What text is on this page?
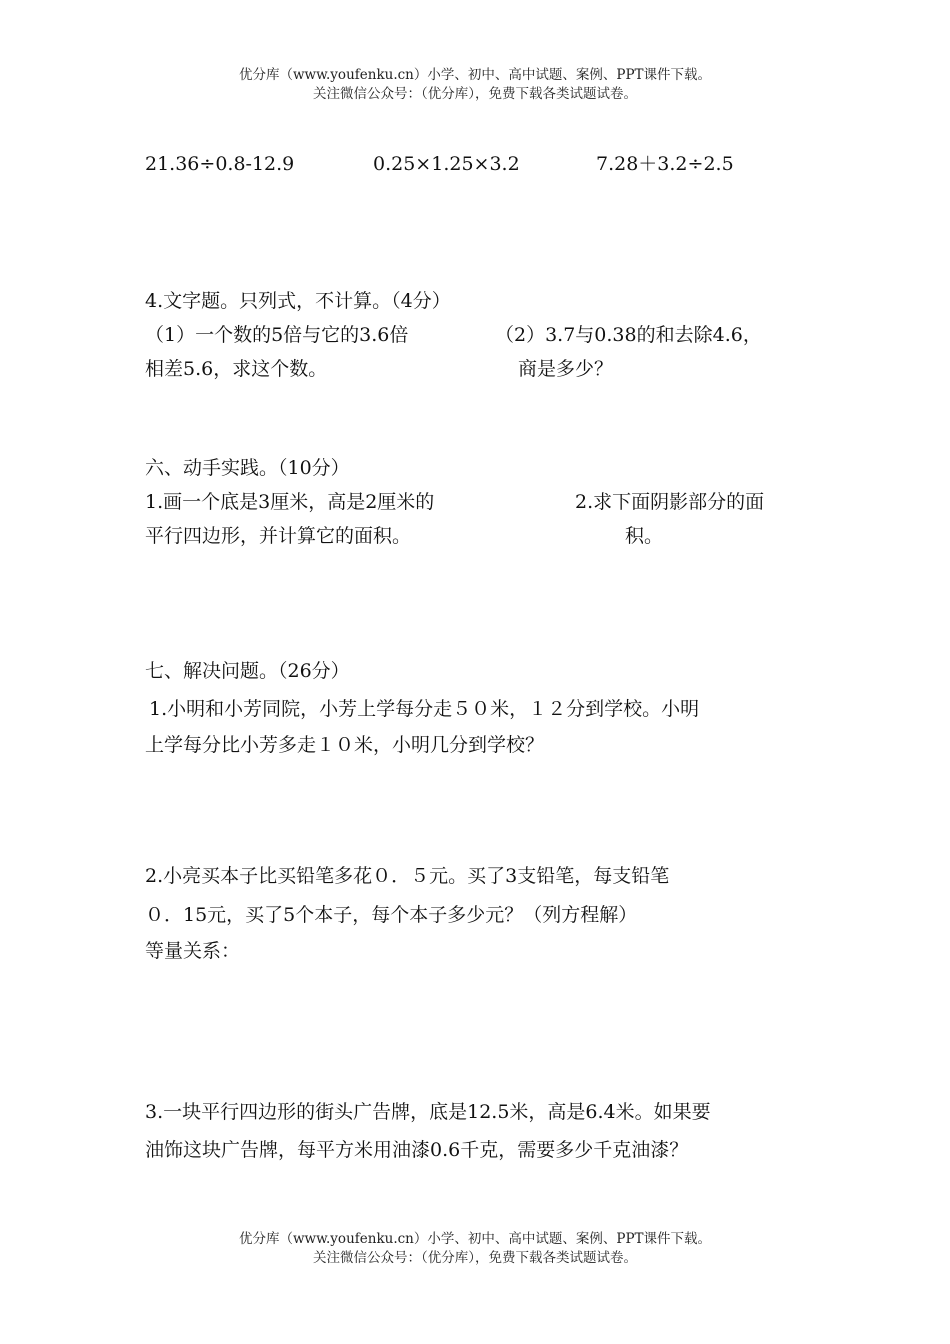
优分库（www.youfenku.cn）小学、初中、高中试题、案例、PPT课件下载。
关注微信公众号：（优分库），免费下载各类试题试卷。
21.36÷0.8-12.9	0.25×1.25×3.2	7.28＋3.2÷2.5
4.文字题。只列式，不计算。（4分）
（1）一个数的5倍与它的3.6倍
相差5.6，求这个数。
（2）3.7与0.38的和去除4.6，
商是多少？
六、动手实践。（10分）
1.画一个底是3厘米，高是2厘米的
平行四边形，并计算它的面积。
2.求下面阴影部分的面
积。
七、解决问题。（26分）
1.小明和小芳同院，小芳上学每分走５０米，１２分到学校。小明
上学每分比小芳多走１０米，小明几分到学校？
2.小亮买本子比买铅笔多花０．５元。买了3支铅笔，每支铅笔
０．15元，买了5个本子，每个本子多少元？（列方程解）
等量关系：
3.一块平行四边形的街头广告牌，底是12.5米，高是6.4米。如果要
油饰这块广告牌，每平方米用油漆0.6千克，需要多少千克油漆？
优分库（www.youfenku.cn）小学、初中、高中试题、案例、PPT课件下载。
关注微信公众号：（优分库），免费下载各类试题试卷。
